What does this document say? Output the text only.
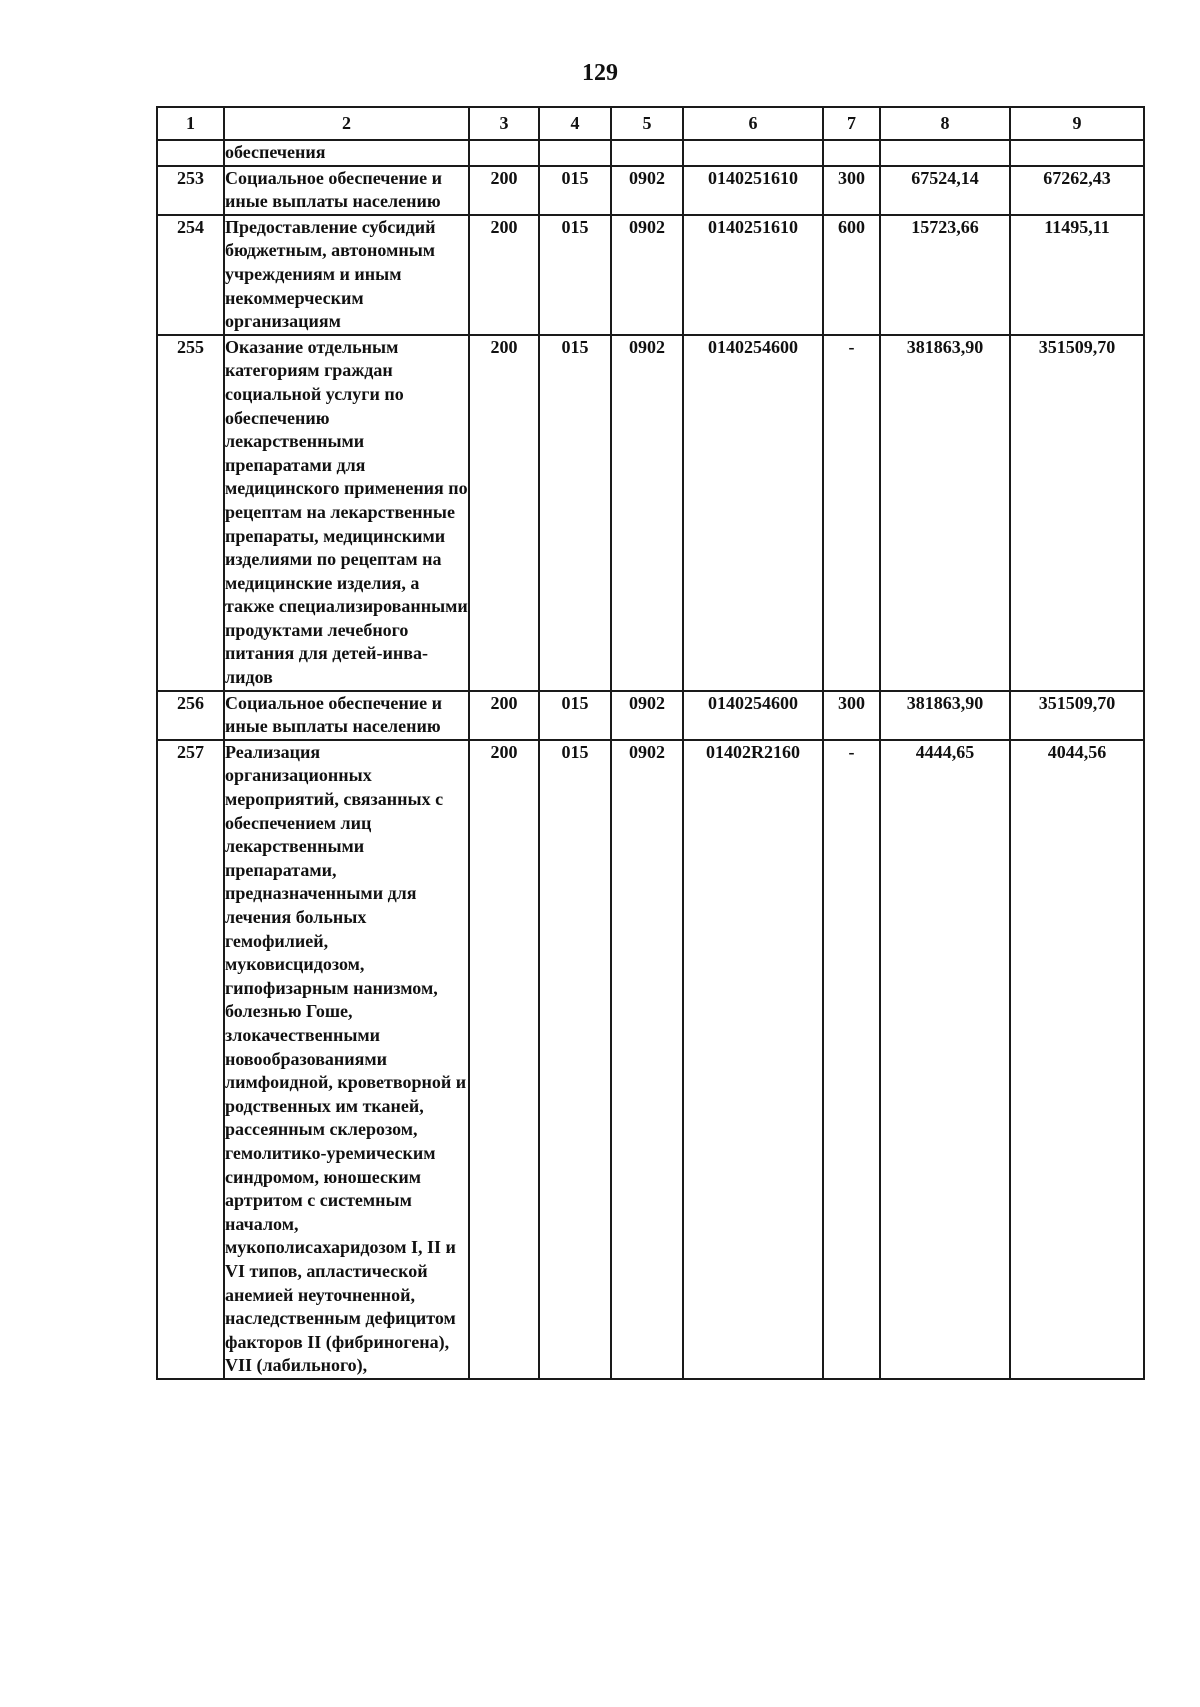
129
1	2	3	4	5	6	7	8	9
	обеспечения							
253	Социальное обеспечение и иные выплаты населению	200	015	0902	0140251610	300	67524,14	67262,43
254	Предоставление субсидий бюджетным, автономным учреждениям и иным некоммерческим организациям	200	015	0902	0140251610	600	15723,66	11495,11
255	Оказание отдельным категориям граждан социальной услуги по обеспечению лекарственными препаратами для медицинского применения по рецептам на лекарственные препараты, медицинскими изделиями по рецептам на медицинские изделия, а также специализированными продуктами лечебного питания для детей-инва-лидов	200	015	0902	0140254600	-	381863,90	351509,70
256	Социальное обеспечение и иные выплаты населению	200	015	0902	0140254600	300	381863,90	351509,70
257	Реализация организационных мероприятий, связанных с обеспечением лиц лекарственными препаратами, предназначенными для лечения больных гемофилией, муковисцидозом, гипофизарным нанизмом, болезнью Гоше, злокачественными новообразованиями лимфоидной, кроветворной и родственных им тканей, рассеянным склерозом, гемолитико-уремическим синдромом, юношеским артритом с системным началом, мукополисахаридозом I, II и VI типов, апластической анемией неуточненной, наследственным дефицитом факторов II (фибриногена), VII (лабильного),	200	015	0902	01402R2160	-	4444,65	4044,56
